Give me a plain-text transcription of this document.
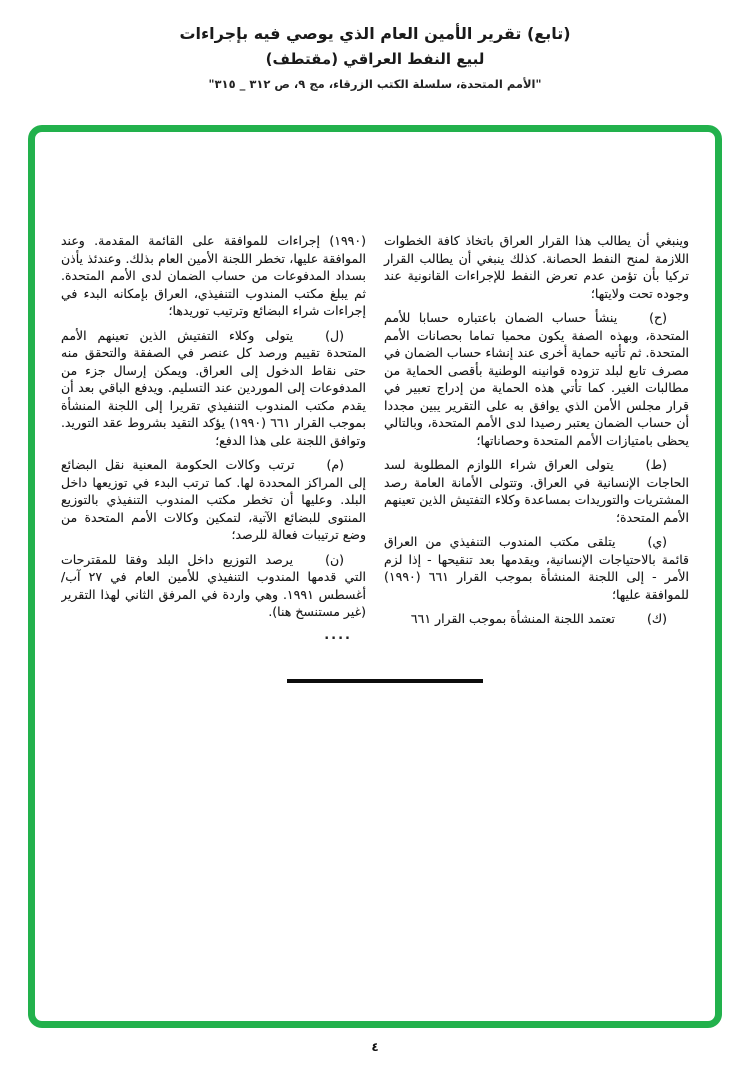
(تابع) تقرير الأمين العام الذي يوصي فيه بإجراءات
لبيع النفط العراقي (مقتطف)
"الأمم المتحدة، سلسلة الكتب الزرقاء، مج ٩، ص ٣١٢ _ ٣١٥"

وينبغي أن يطالب هذا القرار العراق باتخاذ كافة الخطوات اللازمة لمنح النفط الحصانة. كذلك ينبغي أن يطالب القرار تركيا بأن تؤمن عدم تعرض النفط للإجراءات القانونية عند وجوده تحت ولايتها؛

(ح)ينشأ حساب الضمان باعتباره حسابا للأمم المتحدة، وبهذه الصفة يكون محميا تماما بحصانات الأمم المتحدة. ثم تأتيه حماية أخرى عند إنشاء حساب الضمان في مصرف تابع لبلد تزوده قوانينه الوطنية بأقصى الحماية من مطالبات الغير. كما تأتي هذه الحماية من إدراج تعبير في قرار مجلس الأمن الذي يوافق به على التقرير يبين مجددا أن حساب الضمان يعتبر رصيدا لدى الأمم المتحدة، وبالتالي يحظى بامتيازات الأمم المتحدة وحصاناتها؛

(ط)يتولى العراق شراء اللوازم المطلوبة لسد الحاجات الإنسانية في العراق. وتتولى الأمانة العامة رصد المشتريات والتوريدات بمساعدة وكلاء التفتيش الذين تعينهم الأمم المتحدة؛

(ي)يتلقى مكتب المندوب التنفيذي من العراق قائمة بالاحتياجات الإنسانية، ويقدمها بعد تنقيحها - إذا لزم الأمر - إلى اللجنة المنشأة بموجب القرار ٦٦١ (١٩٩٠) للموافقة عليها؛

(ك)تعتمد اللجنة المنشأة بموجب القرار ٦٦١

(١٩٩٠) إجراءات للموافقة على القائمة المقدمة. وعند الموافقة عليها، تخطر اللجنة الأمين العام بذلك. وعندئذ يأذن بسداد المدفوعات من حساب الضمان لدى الأمم المتحدة. ثم يبلغ مكتب المندوب التنفيذي، العراق بإمكانه البدء في إجراءات شراء البضائع وترتيب توريدها؛

(ل)يتولى وكلاء التفتيش الذين تعينهم الأمم المتحدة تقييم ورصد كل عنصر في الصفقة والتحقق منه حتى نقاط الدخول إلى العراق. ويمكن إرسال جزء من المدفوعات إلى الموردين عند التسليم. ويدفع الباقي بعد أن يقدم مكتب المندوب التنفيذي تقريرا إلى اللجنة المنشأة بموجب القرار ٦٦١ (١٩٩٠) يؤكد التقيد بشروط عقد التوريد. وتوافق اللجنة على هذا الدفع؛

(م)ترتب وكالات الحكومة المعنية نقل البضائع إلى المراكز المحددة لها. كما ترتب البدء في توزيعها داخل البلد. وعليها أن تخطر مكتب المندوب التنفيذي بالتوزيع المنتوى للبضائع الآتية، لتمكين وكالات الأمم المتحدة من وضع ترتيبات فعالة للرصد؛

(ن)يرصد التوزيع داخل البلد وفقا للمقترحات التي قدمها المندوب التنفيذي للأمين العام في ٢٧ آب/ أغسطس ١٩٩١. وهي واردة في المرفق الثاني لهذا التقرير (غير مستنسخ هنا).

....
٤
